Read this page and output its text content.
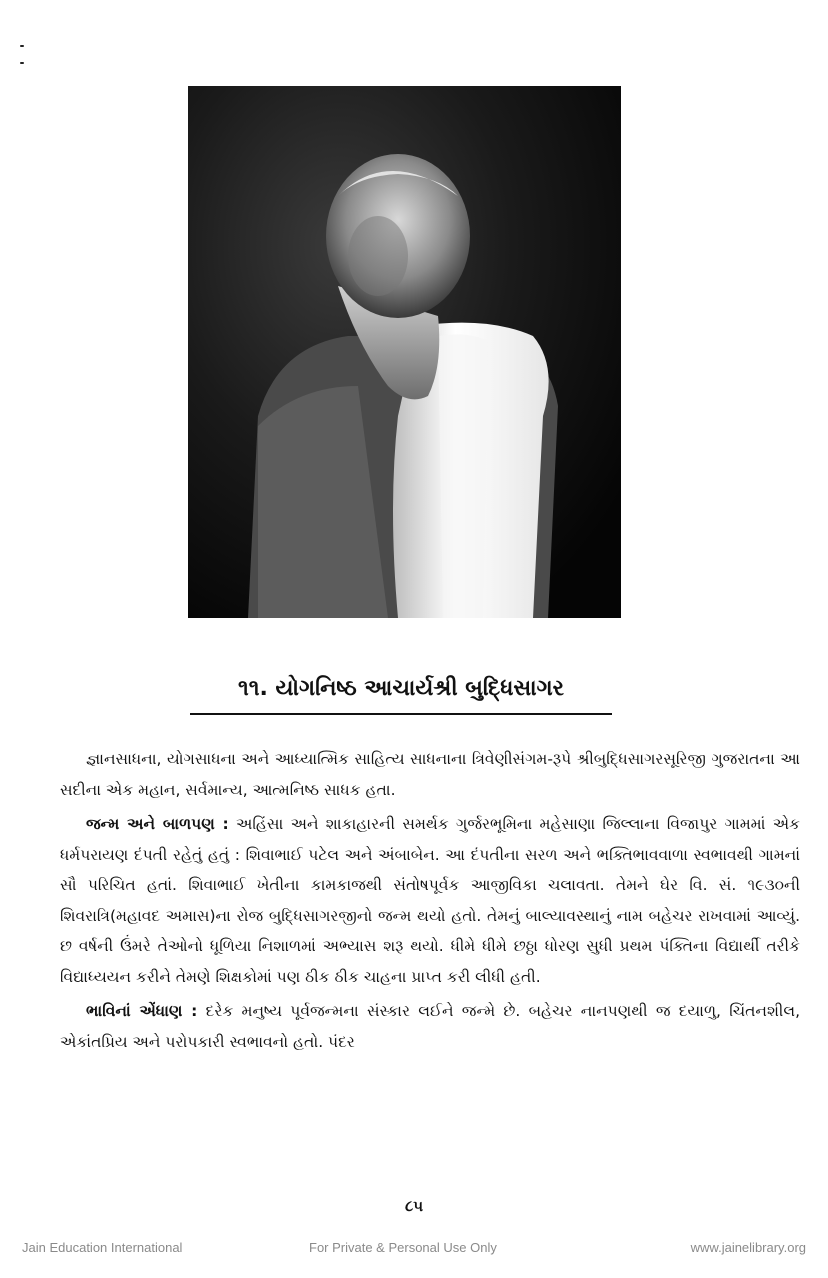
૧૧. યોગનિષ્ઠ આચાર્યશ્રી બુદ્ધિસાગર

જ્ઞાનસાધના, યોગસાધના અને આધ્યાત્મિક સાહિત્ય સાધનાના ત્રિવેણીસંગમ-રૂપે શ્રીબુદ્ધિસાગરસૂરિજી ગુજરાતના આ સદીના એક મહાન, સર્વમાન્ય, આત્મનિષ્ઠ સાધક હતા.

જન્મ અને બાળપણ : અહિંસા અને શાકાહારની સમર્થક ગુર્જરભૂમિના મહેસાણા જિલ્લાના વિજાપુર ગામમાં એક ધર્મપરાયણ દંપતી રહેતું હતું : શિવાભાઈ પટેલ અને અંબાબેન. આ દંપતીના સરળ અને ભક્તિભાવવાળા સ્વભાવથી ગામનાં સૌ પરિચિત હતાં. શિવાભાઈ ખેતીના કામકાજથી સંતોષપૂર્વક આજીવિકા ચલાવતા. તેમને ઘેર વિ. સં. ૧૯૩૦ની શિવરાત્રિ(મહાવદ અમાસ)ના રોજ બુદ્ધિસાગરજીનો જન્મ થયો હતો. તેમનું બાલ્યાવસ્થાનું નામ બહેચર રાખવામાં આવ્યું. છ વર્ષની ઉંમરે તેઓનો ધૂળિયા નિશાળમાં અભ્યાસ શરૂ થયો. ધીમે ધીમે છઠ્ઠા ધોરણ સુધી પ્રથમ પંક્તિના વિદ્યાર્થી તરીકે વિદ્યાધ્યયન કરીને તેમણે શિક્ષકોમાં પણ ઠીક ઠીક ચાહના પ્રાપ્ત કરી લીધી હતી.

ભાવિનાં એંધાણ : દરેક મનુષ્ય પૂર્વજન્મના સંસ્કાર લઈને જન્મે છે. બહેચર નાનપણથી જ દયાળુ, ચિંતનશીલ, એકાંતપ્રિય અને પરોપકારી સ્વભાવનો હતો. પંદર

૮૫
Jain Education International	For Private & Personal Use Only	www.jainelibrary.org
